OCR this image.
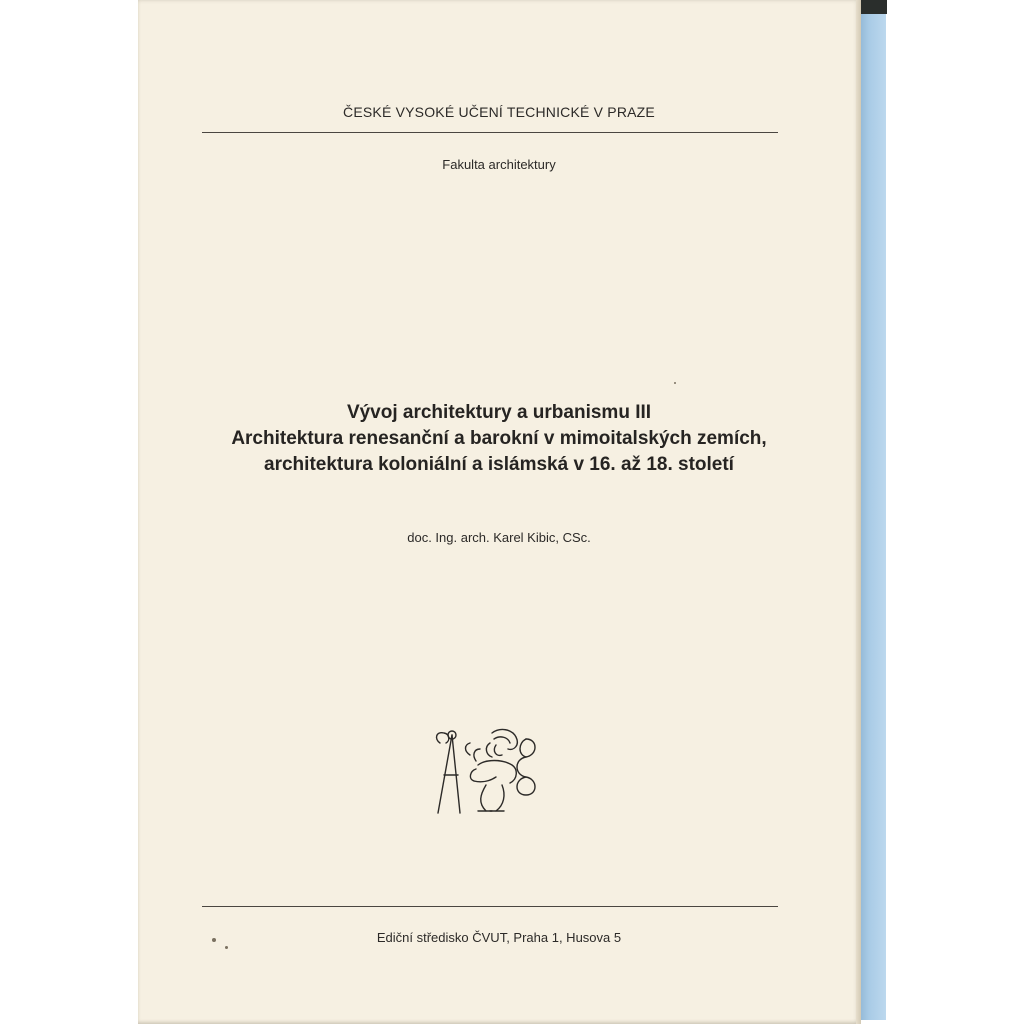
ČESKÉ VYSOKÉ UČENÍ TECHNICKÉ V PRAZE
Fakulta architektury
Vývoj architektury a urbanismu III
Architektura renesanční a barokní v mimoitalských zemích,
architektura koloniální a islámská v 16. až 18. století
doc. Ing. arch. Karel Kibic, CSc.
Ediční středisko ČVUT, Praha 1, Husova 5
